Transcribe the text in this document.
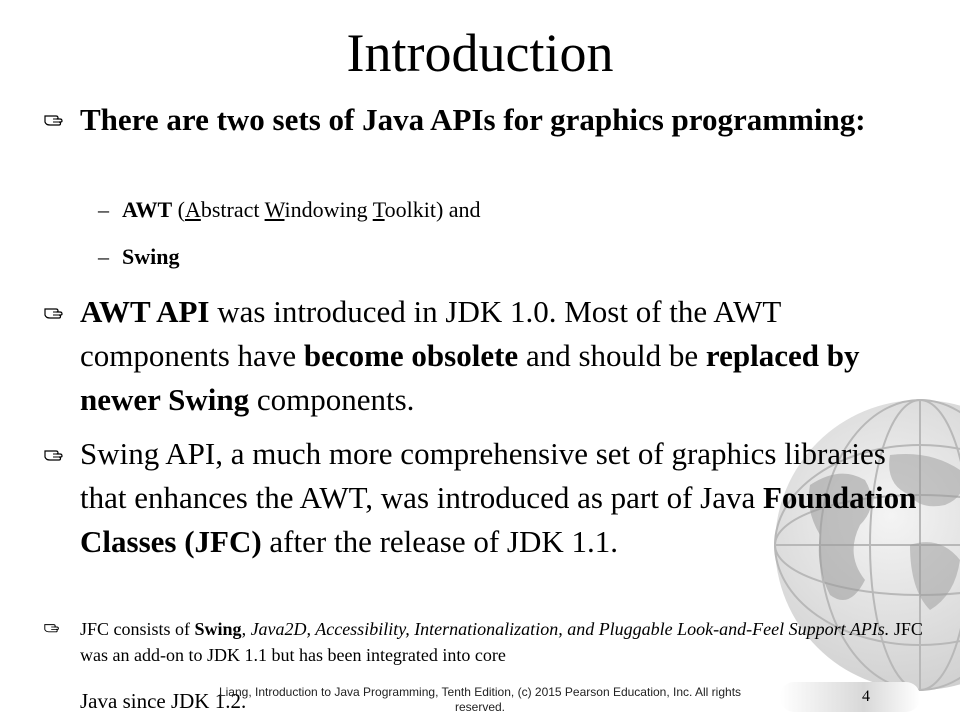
Introduction
There are two sets of Java APIs for graphics programming:
– AWT (Abstract Windowing Toolkit) and
– Swing
AWT API was introduced in JDK 1.0. Most of the AWT components have become obsolete and should be replaced by newer Swing components.
Swing API, a much more comprehensive set of graphics libraries that enhances the AWT, was introduced as part of Java Foundation Classes (JFC) after the release of JDK 1.1.
JFC consists of Swing, Java2D, Accessibility, Internationalization, and Pluggable Look-and-Feel Support APIs. JFC was an add-on to JDK 1.1 but has been integrated into core
Java since JDK 1.2.
Liang, Introduction to Java Programming, Tenth Edition, (c) 2015 Pearson Education, Inc. All rights reserved.
4
